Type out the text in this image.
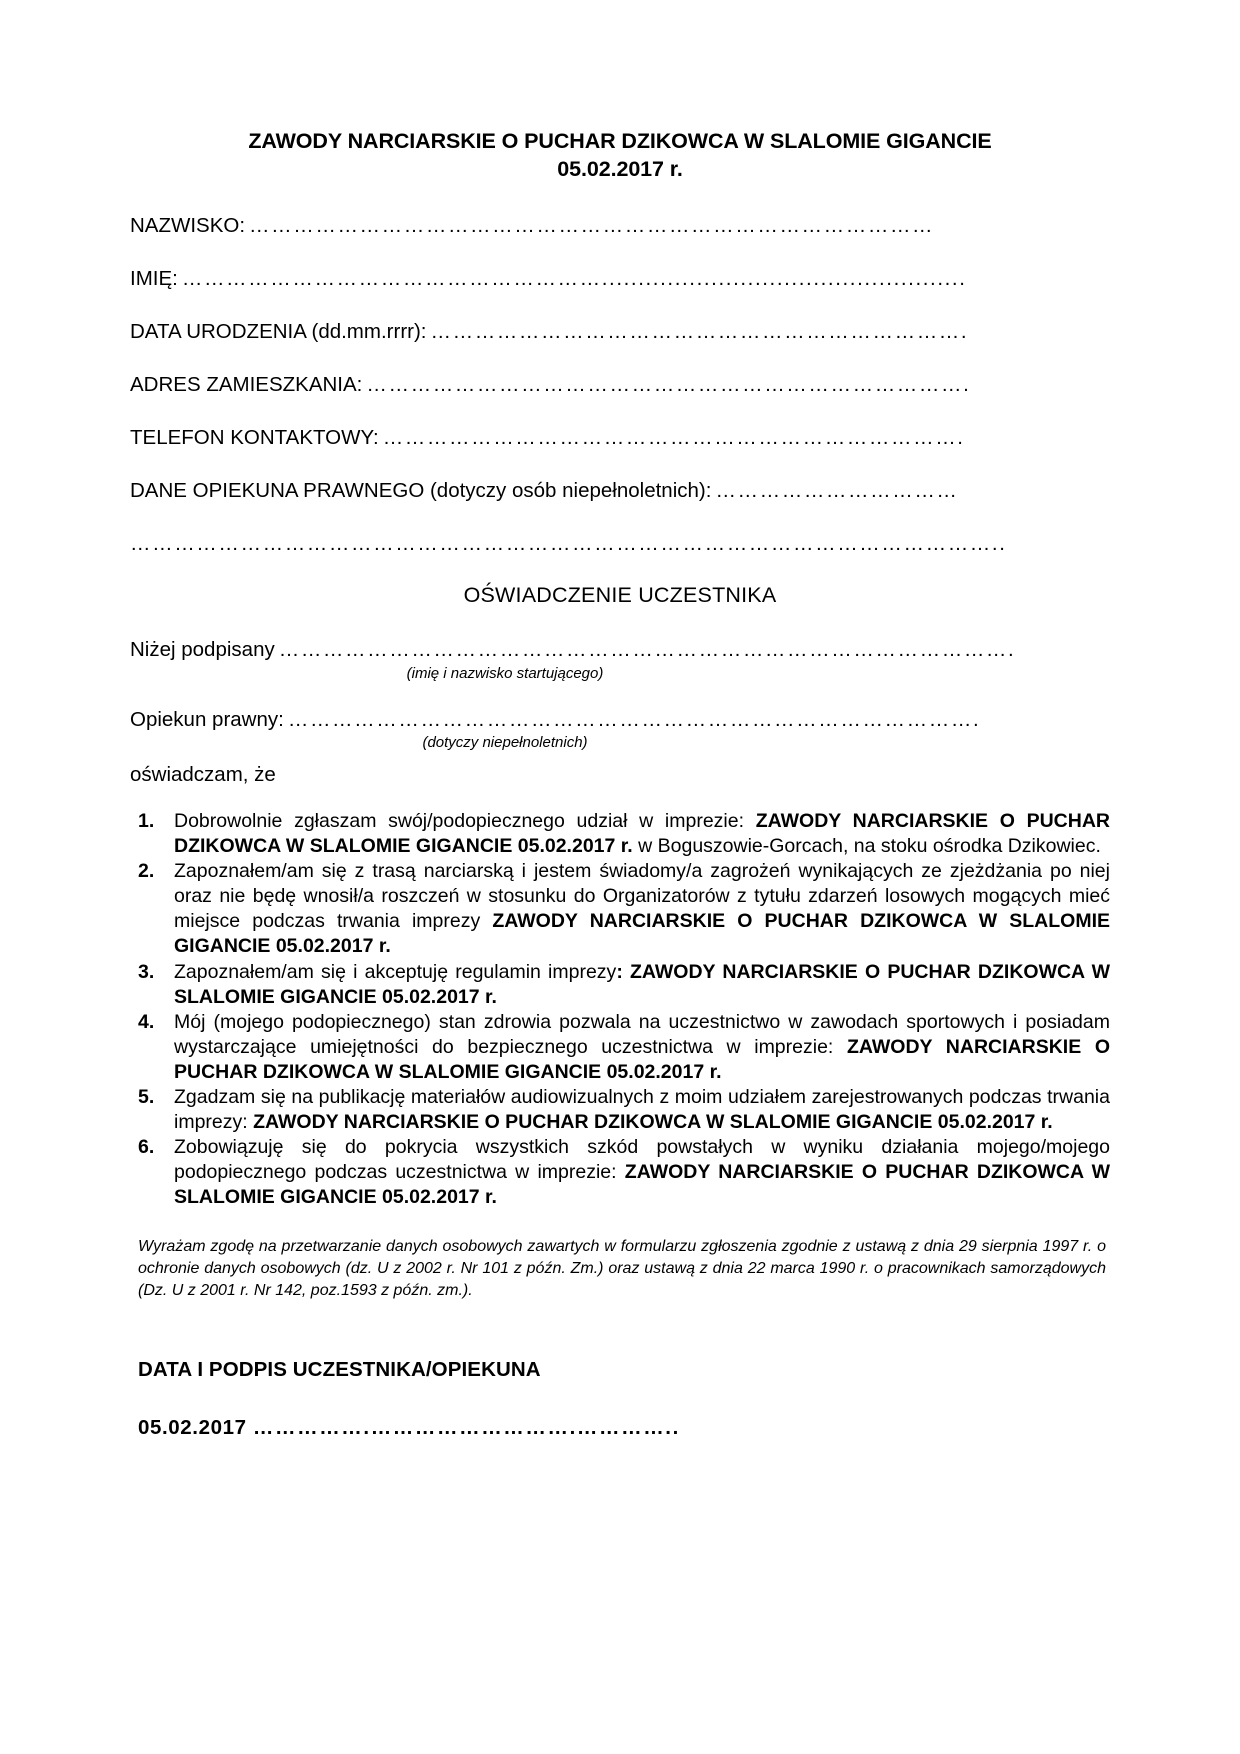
ZAWODY NARCIARSKIE O PUCHAR DZIKOWCA W SLALOMIE GIGANCIE
05.02.2017 r.
NAZWISKO: …………………………………………………………………………………
IMIĘ: …………………………………………………..................................................
DATA URODZENIA (dd.mm.rrrr): ……………………………………………………………….
ADRES ZAMIESZKANIA: ……………………………………………………………………….
TELEFON KONTAKTOWY: …………………………………………………………………….
DANE OPIEKUNA PRAWNEGO (dotyczy osób niepełnoletnich): ……………………………
………………………………………………………………………………………………………..
OŚWIADCZENIE UCZESTNIKA
Niżej podpisany ……………………………………………………………………………………….
(imię i nazwisko startującego)
Opiekun prawny: ………………………………………………………………………………….
(dotyczy niepełnoletnich)
oświadczam, że
Dobrowolnie zgłaszam swój/podopiecznego udział w imprezie: ZAWODY NARCIARSKIE O PUCHAR DZIKOWCA W SLALOMIE GIGANCIE 05.02.2017 r. w Boguszowie-Gorcach, na stoku ośrodka Dzikowiec.
Zapoznałem/am się z trasą narciarską i jestem świadomy/a zagrożeń wynikających ze zjeżdżania po niej oraz nie będę wnosił/a roszczeń w stosunku do Organizatorów z tytułu zdarzeń losowych mogących mieć miejsce podczas trwania imprezy ZAWODY NARCIARSKIE O PUCHAR DZIKOWCA W SLALOMIE GIGANCIE 05.02.2017 r.
Zapoznałem/am się i akceptuję regulamin imprezy: ZAWODY NARCIARSKIE O PUCHAR DZIKOWCA W SLALOMIE GIGANCIE 05.02.2017 r.
Mój (mojego podopiecznego) stan zdrowia pozwala na uczestnictwo w zawodach sportowych i posiadam wystarczające umiejętności do bezpiecznego uczestnictwa w imprezie: ZAWODY NARCIARSKIE O PUCHAR DZIKOWCA W SLALOMIE GIGANCIE 05.02.2017 r.
Zgadzam się na publikację materiałów audiowizualnych z moim udziałem zarejestrowanych podczas trwania imprezy: ZAWODY NARCIARSKIE O PUCHAR DZIKOWCA W SLALOMIE GIGANCIE 05.02.2017 r.
Zobowiązuję się do pokrycia wszystkich szkód powstałych w wyniku działania mojego/mojego podopiecznego podczas uczestnictwa w imprezie: ZAWODY NARCIARSKIE O PUCHAR DZIKOWCA W SLALOMIE GIGANCIE 05.02.2017 r.
Wyrażam zgodę na przetwarzanie danych osobowych zawartych w formularzu zgłoszenia zgodnie z ustawą z dnia 29 sierpnia 1997 r. o ochronie danych osobowych (dz. U z 2002 r. Nr 101 z późn. Zm.) oraz ustawą z dnia 22 marca 1990 r. o pracownikach samorządowych (Dz. U z 2001 r. Nr 142, poz.1593 z późn. zm.).
DATA I PODPIS UCZESTNIKA/OPIEKUNA
05.02.2017 …………….……………………….…………..
